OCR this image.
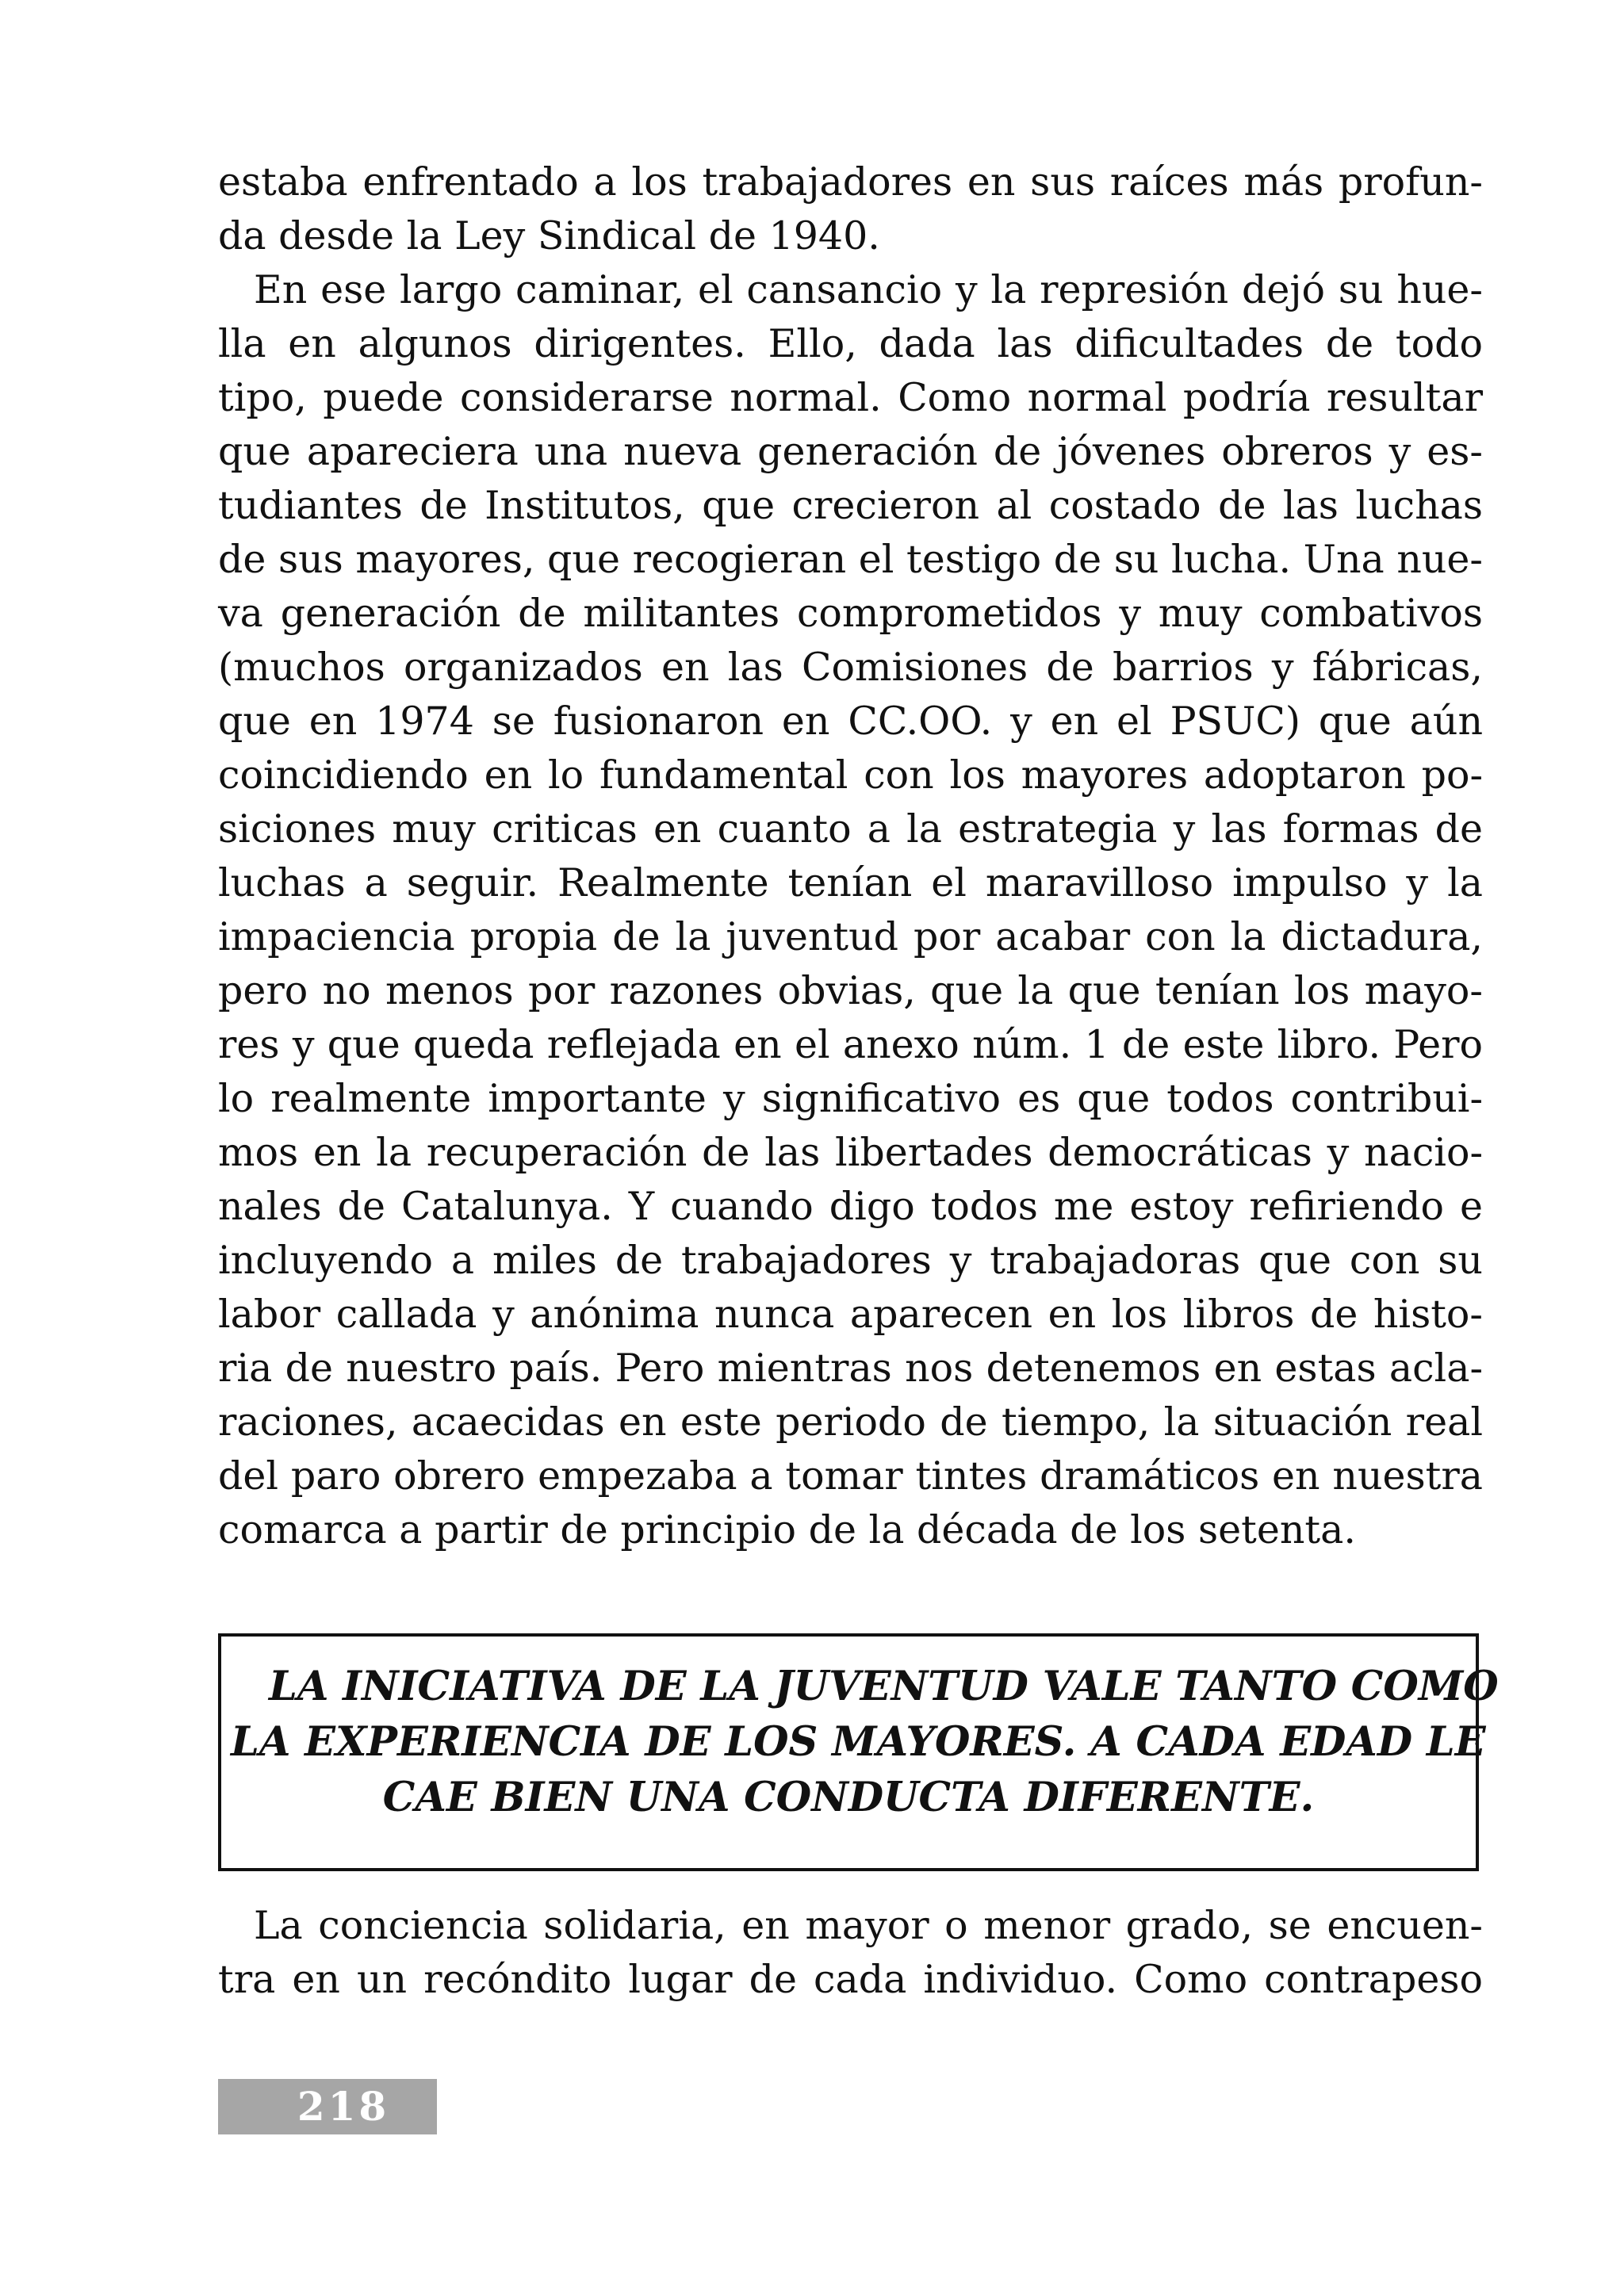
estaba enfrentado a los trabajadores en sus raíces más profun-
da desde la Ley Sindical de 1940.
En ese largo caminar, el cansancio y la represión dejó su hue-
lla en algunos dirigentes. Ello, dada las dificultades de todo
tipo, puede considerarse normal. Como normal podría resultar
que apareciera una nueva generación de jóvenes obreros y es-
tudiantes de Institutos, que crecieron al costado de las luchas
de sus mayores, que recogieran el testigo de su lucha. Una nue-
va generación de militantes comprometidos y muy combativos
(muchos organizados en las Comisiones de barrios y fábricas,
que en 1974 se fusionaron en CC.OO. y en el PSUC) que aún
coincidiendo en lo fundamental con los mayores adoptaron po-
siciones muy criticas en cuanto a la estrategia y las formas de
luchas a seguir. Realmente tenían el maravilloso impulso y la
impaciencia propia de la juventud por acabar con la dictadura,
pero no menos por razones obvias, que la que tenían los mayo-
res y que queda reflejada en el anexo núm. 1 de este libro. Pero
lo realmente importante y significativo es que todos contribui-
mos en la recuperación de las libertades democráticas y nacio-
nales de Catalunya. Y cuando digo todos me estoy refiriendo e
incluyendo a miles de trabajadores y trabajadoras que con su
labor callada y anónima nunca aparecen en los libros de histo-
ria de nuestro país. Pero mientras nos detenemos en estas acla-
raciones, acaecidas en este periodo de tiempo, la situación real
del paro obrero empezaba a tomar tintes dramáticos en nuestra
comarca a partir de principio de la década de los setenta.
LA INICIATIVA DE LA JUVENTUD VALE TANTO COMO
LA EXPERIENCIA DE LOS MAYORES. A CADA EDAD LE
CAE BIEN UNA CONDUCTA DIFERENTE.
La conciencia solidaria, en mayor o menor grado, se encuen-
tra en un recóndito lugar de cada individuo. Como contrapeso
218
